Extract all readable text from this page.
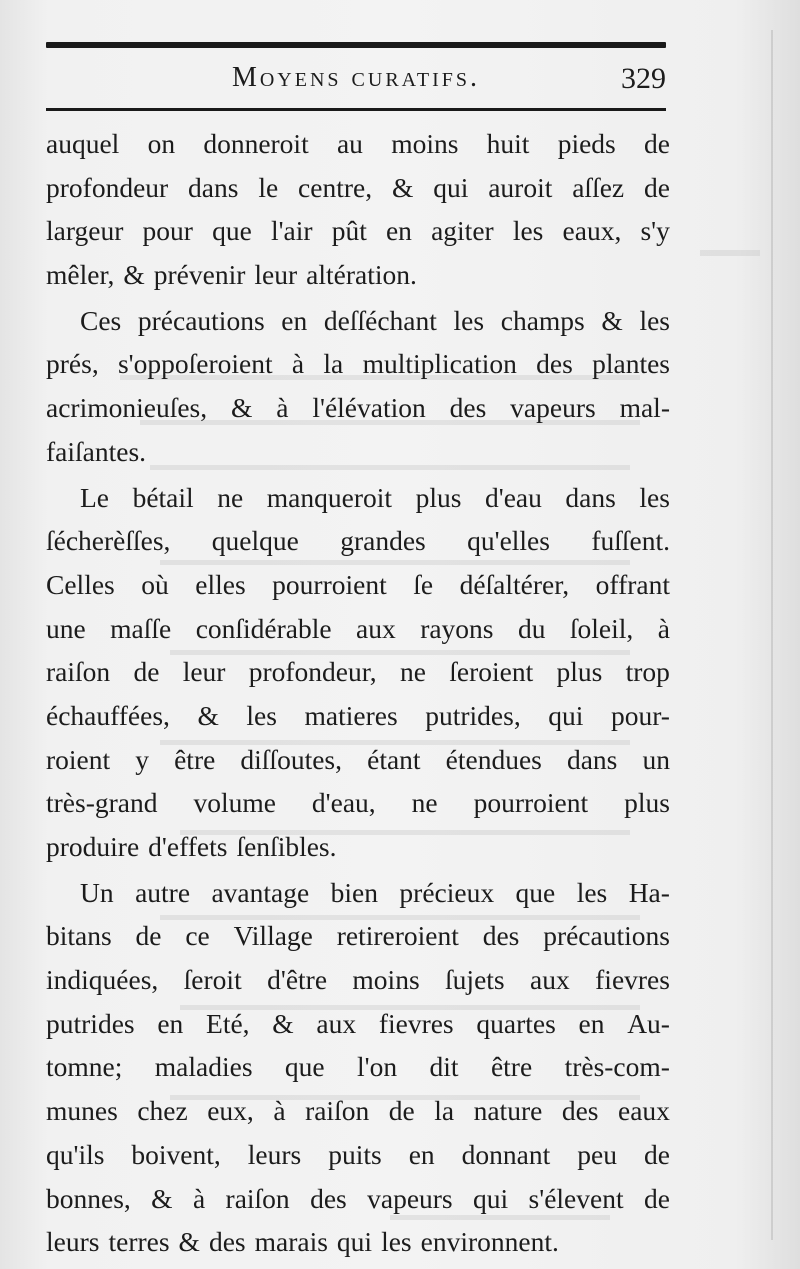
Moyens curatifs.	329
auquel on donneroit au moins huit pieds de
profondeur dans le centre, & qui auroit aſſez de
largeur pour que l'air pût en agiter les eaux, s'y
mêler, & prévenir leur altération.
Ces précautions en deſſéchant les champs & les
prés, s'oppoſeroient à la multiplication des plantes
acrimonieuſes, & à l'élévation des vapeurs mal-
faiſantes.
Le bétail ne manqueroit plus d'eau dans les
ſécherèſſes, quelque grandes qu'elles fuſſent.
Celles où elles pourroient ſe déſaltérer, offrant
une maſſe conſidérable aux rayons du ſoleil, à
raiſon de leur profondeur, ne ſeroient plus trop
échauffées, & les matieres putrides, qui pour-
roient y être diſſoutes, étant étendues dans un
très-grand volume d'eau, ne pourroient plus
produire d'effets ſenſibles.
Un autre avantage bien précieux que les Ha-
bitans de ce Village retireroient des précautions
indiquées, ſeroit d'être moins ſujets aux fievres
putrides en Eté, & aux fievres quartes en Au-
tomne; maladies que l'on dit être très-com-
munes chez eux, à raiſon de la nature des eaux
qu'ils boivent, leurs puits en donnant peu de
bonnes, & à raiſon des vapeurs qui s'élevent de
leurs terres & des marais qui les environnent.
